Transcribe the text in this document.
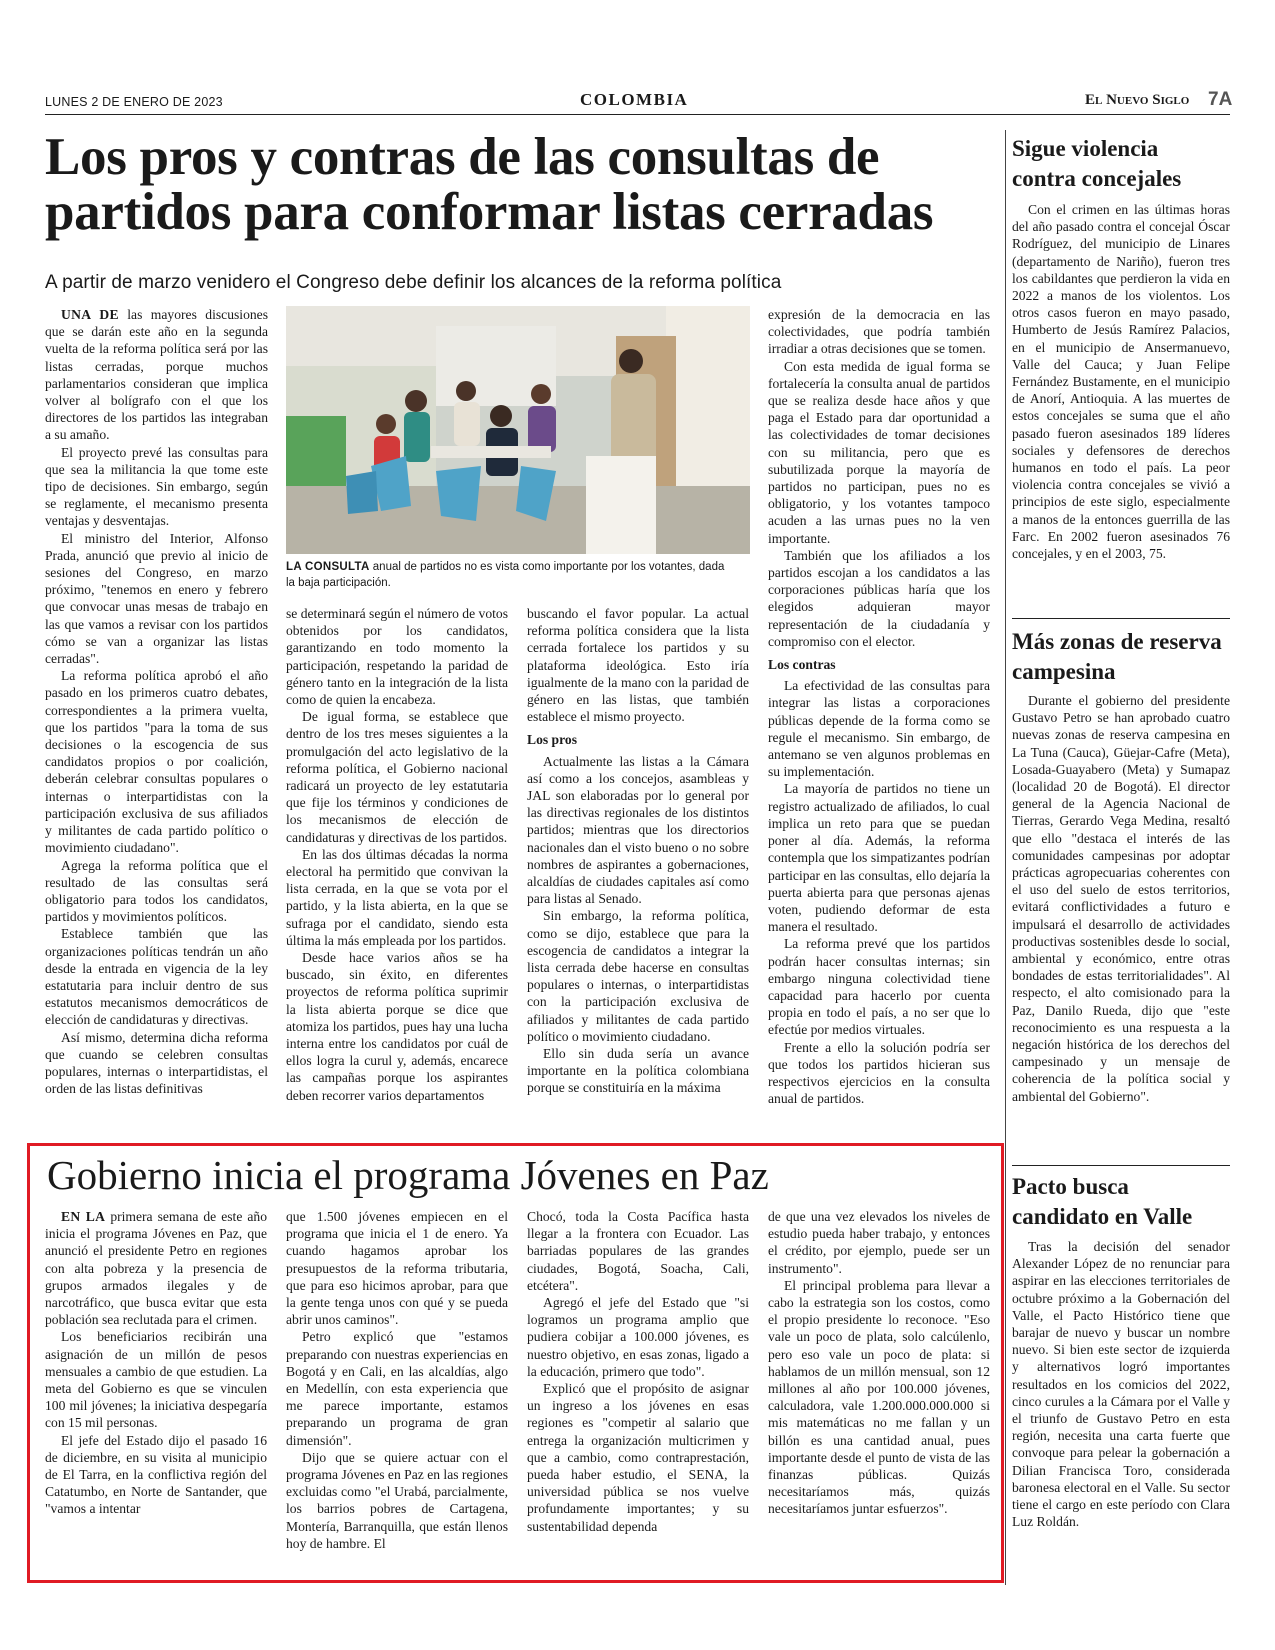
LUNES 2 DE ENERO DE 2023	COLOMBIA	El Nuevo Siglo 7A
Los pros y contras de las consultas de partidos para conformar listas cerradas
A partir de marzo venidero el Congreso debe definir los alcances de la reforma política

UNA DE las mayores discusiones que se darán este año en la segunda vuelta de la reforma política será por las listas cerradas, porque muchos parlamentarios consideran que implica volver al bolígrafo con el que los directores de los partidos las integraban a su amaño.

El proyecto prevé las consultas para que sea la militancia la que tome este tipo de decisiones. Sin embargo, según se reglamente, el mecanismo presenta ventajas y desventajas.

El ministro del Interior, Alfonso Prada, anunció que previo al inicio de sesiones del Congreso, en marzo próximo, "tenemos en enero y febrero que convocar unas mesas de trabajo en las que vamos a revisar con los partidos cómo se van a organizar las listas cerradas".

La reforma política aprobó el año pasado en los primeros cuatro debates, correspondientes a la primera vuelta, que los partidos "para la toma de sus decisiones o la escogencia de sus candidatos propios o por coalición, deberán celebrar consultas populares o internas o interpartidistas con la participación exclusiva de sus afiliados y militantes de cada partido político o movimiento ciudadano".

Agrega la reforma política que el resultado de las consultas será obligatorio para todos los candidatos, partidos y movimientos políticos.

Establece también que las organizaciones políticas tendrán un año desde la entrada en vigencia de la ley estatutaria para incluir dentro de sus estatutos mecanismos democráticos de elección de candidaturas y directivas.

Así mismo, determina dicha reforma que cuando se celebren consultas populares, internas o interpartidistas, el orden de las listas definitivas

se determinará según el número de votos obtenidos por los candidatos, garantizando en todo momento la participación, respetando la paridad de género tanto en la integración de la lista como de quien la encabeza.

De igual forma, se establece que dentro de los tres meses siguientes a la promulgación del acto legislativo de la reforma política, el Gobierno nacional radicará un proyecto de ley estatutaria que fije los términos y condiciones de los mecanismos de elección de candidaturas y directivas de los partidos.

En las dos últimas décadas la norma electoral ha permitido que convivan la lista cerrada, en la que se vota por el partido, y la lista abierta, en la que se sufraga por el candidato, siendo esta última la más empleada por los partidos.

Desde hace varios años se ha buscado, sin éxito, en diferentes proyectos de reforma política suprimir la lista abierta porque se dice que atomiza los partidos, pues hay una lucha interna entre los candidatos por cuál de ellos logra la curul y, además, encarece las campañas porque los aspirantes deben recorrer varios departamentos

buscando el favor popular. La actual reforma política considera que la lista cerrada fortalece los partidos y su plataforma ideológica. Esto iría igualmente de la mano con la paridad de género en las listas, que también establece el mismo proyecto.

Los pros

Actualmente las listas a la Cámara así como a los concejos, asambleas y JAL son elaboradas por lo general por las directivas regionales de los distintos partidos; mientras que los directorios nacionales dan el visto bueno o no sobre nombres de aspirantes a gobernaciones, alcaldías de ciudades capitales así como para listas al Senado.

Sin embargo, la reforma política, como se dijo, establece que para la escogencia de candidatos a integrar la lista cerrada debe hacerse en consultas populares o internas, o interpartidistas con la participación exclusiva de afiliados y militantes de cada partido político o movimiento ciudadano.

Ello sin duda sería un avance importante en la política colombiana porque se constituiría en la máxima

expresión de la democracia en las colectividades, que podría también irradiar a otras decisiones que se tomen.

Con esta medida de igual forma se fortalecería la consulta anual de partidos que se realiza desde hace años y que paga el Estado para dar oportunidad a las colectividades de tomar decisiones con su militancia, pero que es subutilizada porque la mayoría de partidos no participan, pues no es obligatorio, y los votantes tampoco acuden a las urnas pues no la ven importante.

También que los afiliados a los partidos escojan a los candidatos a las corporaciones públicas haría que los elegidos adquieran mayor representación de la ciudadanía y compromiso con el elector.

Los contras

La efectividad de las consultas para integrar las listas a corporaciones públicas depende de la forma como se regule el mecanismo. Sin embargo, de antemano se ven algunos problemas en su implementación.

La mayoría de partidos no tiene un registro actualizado de afiliados, lo cual implica un reto para que se puedan poner al día. Además, la reforma contempla que los simpatizantes podrían participar en las consultas, ello dejaría la puerta abierta para que personas ajenas voten, pudiendo deformar de esta manera el resultado.

La reforma prevé que los partidos podrán hacer consultas internas; sin embargo ninguna colectividad tiene capacidad para hacerlo por cuenta propia en todo el país, a no ser que lo efectúe por medios virtuales.

Frente a ello la solución podría ser que todos los partidos hicieran sus respectivos ejercicios en la consulta anual de partidos.

LA CONSULTA anual de partidos no es vista como importante por los votantes, dada la baja participación.
Sigue violencia contra concejales

Con el crimen en las últimas horas del año pasado contra el concejal Óscar Rodríguez, del municipio de Linares (departamento de Nariño), fueron tres los cabildantes que perdieron la vida en 2022 a manos de los violentos. Los otros casos fueron en mayo pasado, Humberto de Jesús Ramírez Palacios, en el municipio de Ansermanuevo, Valle del Cauca; y Juan Felipe Fernández Bustamente, en el municipio de Anorí, Antioquia. A las muertes de estos concejales se suma que el año pasado fueron asesinados 189 líderes sociales y defensores de derechos humanos en todo el país. La peor violencia contra concejales se vivió a principios de este siglo, especialmente a manos de la entonces guerrilla de las Farc. En 2002 fueron asesinados 76 concejales, y en el 2003, 75.

Más zonas de reserva campesina

Durante el gobierno del presidente Gustavo Petro se han aprobado cuatro nuevas zonas de reserva campesina en La Tuna (Cauca), Güejar-Cafre (Meta), Losada-Guayabero (Meta) y Sumapaz (localidad 20 de Bogotá). El director general de la Agencia Nacional de Tierras, Gerardo Vega Medina, resaltó que ello "destaca el interés de las comunidades campesinas por adoptar prácticas agropecuarias coherentes con el uso del suelo de estos territorios, evitará conflictividades a futuro e impulsará el desarrollo de actividades productivas sostenibles desde lo social, ambiental y económico, entre otras bondades de estas territorialidades". Al respecto, el alto comisionado para la Paz, Danilo Rueda, dijo que "este reconocimiento es una respuesta a la negación histórica de los derechos del campesinado y un mensaje de coherencia de la política social y ambiental del Gobierno".

Pacto busca candidato en Valle

Tras la decisión del senador Alexander López de no renunciar para aspirar en las elecciones territoriales de octubre próximo a la Gobernación del Valle, el Pacto Histórico tiene que barajar de nuevo y buscar un nombre nuevo. Si bien este sector de izquierda y alternativos logró importantes resultados en los comicios del 2022, cinco curules a la Cámara por el Valle y el triunfo de Gustavo Petro en esta región, necesita una carta fuerte que convoque para pelear la gobernación a Dilian Francisca Toro, considerada baronesa electoral en el Valle. Su sector tiene el cargo en este período con Clara Luz Roldán.

Gobierno inicia el programa Jóvenes en Paz

EN LA primera semana de este año inicia el programa Jóvenes en Paz, que anunció el presidente Petro en regiones con alta pobreza y la presencia de grupos armados ilegales y de narcotráfico, que busca evitar que esta población sea reclutada para el crimen.

Los beneficiarios recibirán una asignación de un millón de pesos mensuales a cambio de que estudien. La meta del Gobierno es que se vinculen 100 mil jóvenes; la iniciativa despegaría con 15 mil personas.

El jefe del Estado dijo el pasado 16 de diciembre, en su visita al municipio de El Tarra, en la conflictiva región del Catatumbo, en Norte de Santander, que "vamos a intentar

que 1.500 jóvenes empiecen en el programa que inicia el 1 de enero. Ya cuando hagamos aprobar los presupuestos de la reforma tributaria, que para eso hicimos aprobar, para que la gente tenga unos con qué y se pueda abrir unos caminos".

Petro explicó que "estamos preparando con nuestras experiencias en Bogotá y en Cali, en las alcaldías, algo en Medellín, con esta experiencia que me parece importante, estamos preparando un programa de gran dimensión".

Dijo que se quiere actuar con el programa Jóvenes en Paz en las regiones excluidas como "el Urabá, parcialmente, los barrios pobres de Cartagena, Montería, Barranquilla, que están llenos hoy de hambre. El

Chocó, toda la Costa Pacífica hasta llegar a la frontera con Ecuador. Las barriadas populares de las grandes ciudades, Bogotá, Soacha, Cali, etcétera".

Agregó el jefe del Estado que "si logramos un programa amplio que pudiera cobijar a 100.000 jóvenes, es nuestro objetivo, en esas zonas, ligado a la educación, primero que todo".

Explicó que el propósito de asignar un ingreso a los jóvenes en esas regiones es "competir al salario que entrega la organización multicrimen y que a cambio, como contraprestación, pueda haber estudio, el SENA, la universidad pública se nos vuelve profundamente importantes; y su sustentabilidad dependa

de que una vez elevados los niveles de estudio pueda haber trabajo, y entonces el crédito, por ejemplo, puede ser un instrumento".

El principal problema para llevar a cabo la estrategia son los costos, como el propio presidente lo reconoce. "Eso vale un poco de plata, solo calcúlenlo, pero eso vale un poco de plata: si hablamos de un millón mensual, son 12 millones al año por 100.000 jóvenes, calculadora, vale 1.200.000.000.000 si mis matemáticas no me fallan y un billón es una cantidad anual, pues importante desde el punto de vista de las finanzas públicas. Quizás necesitaríamos más, quizás necesitaríamos juntar esfuerzos".
